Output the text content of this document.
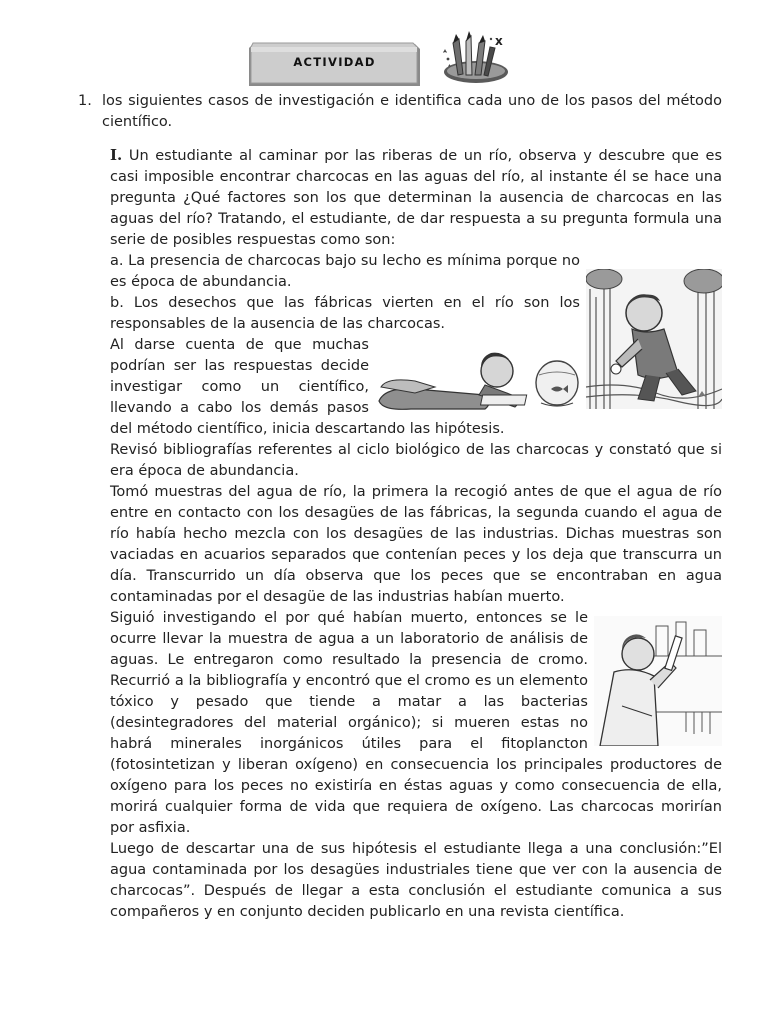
ACTIVIDAD
x
1. los siguientes casos de investigación e identifica cada uno de los pasos del método científico.

I. Un estudiante al caminar por las riberas de un río, observa y descubre que es casi imposible encontrar charcocas en las aguas del río, al instante él se hace una pregunta ¿Qué factores son los que determinan la ausencia de charcocas en las aguas del río? Tratando, el estudiante, de dar respuesta a su pregunta formula una serie de posibles respuestas como son:

a. La presencia de charcocas bajo su lecho es mínima porque no es época de abundancia.

b. Los desechos que las fábricas vierten en el río son los responsables de la ausencia de las charcocas.

Al darse cuenta de que muchas podrían ser las respuestas decide investigar como un científico, llevando a cabo los demás pasos del método científico, inicia descartando las hipótesis.

Revisó bibliografías referentes al ciclo biológico de las charcocas y constató que si era época de abundancia.

Tomó muestras del agua de río, la primera la recogió antes de que el agua de río entre en contacto con los desagües de las fábricas, la segunda cuando el agua de río había hecho mezcla con los desagües de las industrias. Dichas muestras son vaciadas en acuarios separados que contenían peces y los deja que transcurra un día. Transcurrido un día observa que los peces que se encontraban en agua contaminadas por el desagüe de las industrias habían muerto.

Siguió investigando el por qué habían muerto, entonces se le ocurre llevar la muestra de agua a un laboratorio de análisis de aguas. Le entregaron como resultado la presencia de cromo. Recurrió a la bibliografía y encontró que el cromo es un elemento tóxico y pesado que tiende a matar a las bacterias (desintegradores del material orgánico); si mueren estas no habrá minerales inorgánicos útiles para el fitoplancton (fotosintetizan y liberan oxígeno) en consecuencia los principales productores de oxígeno para los peces no existiría en éstas aguas y como consecuencia de ella, morirá cualquier forma de vida que requiera de oxígeno. Las charcocas morirían por asfixia.

Luego de descartar una de sus hipótesis el estudiante llega a una conclusión:”El agua contaminada por los desagües industriales tiene que ver con la ausencia de charcocas”. Después de llegar a esta conclusión el estudiante comunica a sus compañeros y en conjunto deciden publicarlo en una revista científica.
